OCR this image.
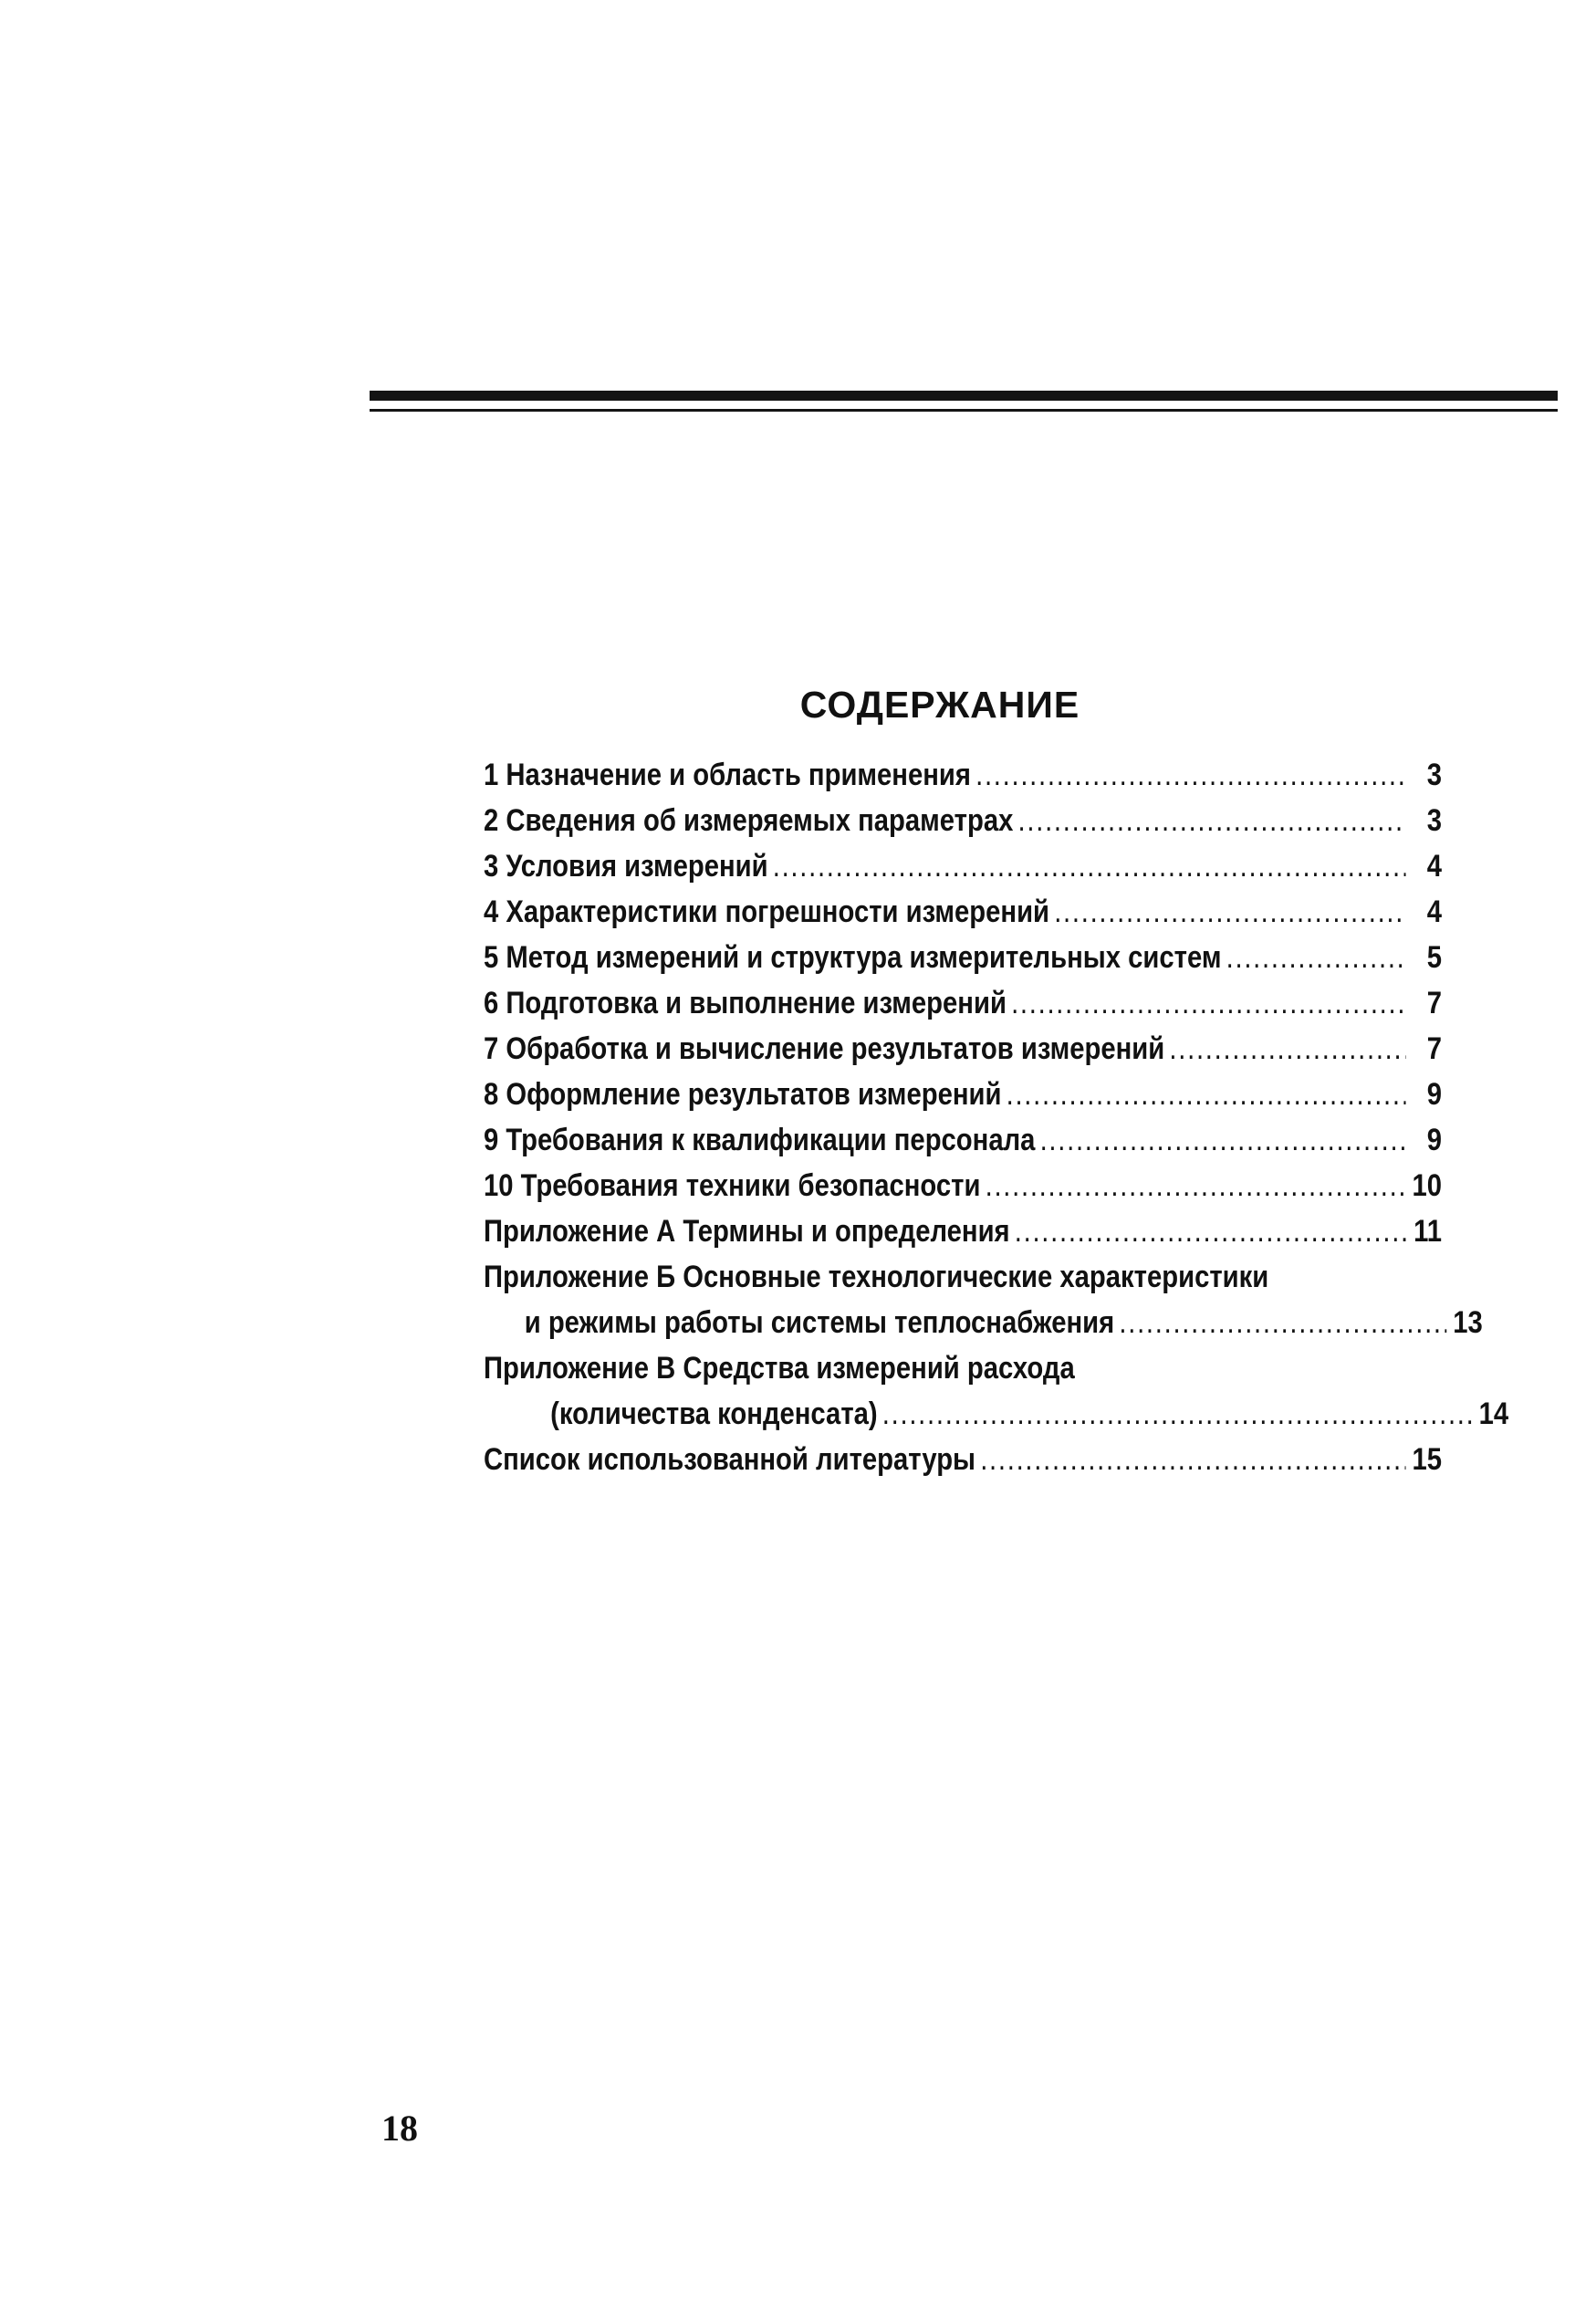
СОДЕРЖАНИЕ
1 Назначение и область применения .....	3
2 Сведения об измеряемых параметрах .....	3
3 Условия измерений .....	4
4 Характеристики погрешности измерений .....	4
5 Метод измерений и структура измерительных систем .....	5
6 Подготовка и выполнение измерений .....	7
7 Обработка и вычисление результатов измерений .....	7
8 Оформление результатов измерений .....	9
9 Требования к квалификации персонала .....	9
10 Требования техники безопасности .....	10
Приложение А Термины и определения .....	11
Приложение Б Основные технологические характеристики
и режимы работы системы теплоснабжения .....	13
Приложение В Средства измерений расхода
(количества конденсата) .....	14
Список использованной литературы .....	15
18
